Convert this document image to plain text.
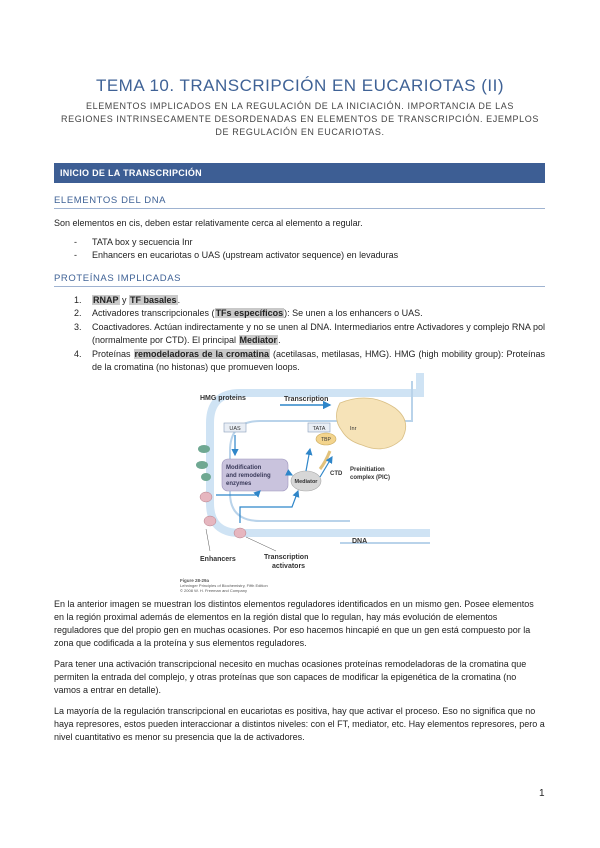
TEMA 10. TRANSCRIPCIÓN EN EUCARIOTAS (II)
ELEMENTOS IMPLICADOS EN LA REGULACIÓN DE LA INICIACIÓN. IMPORTANCIA DE LAS REGIONES INTRINSECAMENTE DESORDENADAS EN ELEMENTOS DE TRANSCRIPCIÓN. EJEMPLOS DE REGULACIÓN EN EUCARIOTAS.
INICIO DE LA TRANSCRIPCIÓN
ELEMENTOS DEL DNA
Son elementos en cis, deben estar relativamente cerca al elemento a regular.
- TATA box y secuencia Inr
- Enhancers en eucariotas o UAS (upstream activator sequence) en levaduras
PROTEÍNAS IMPLICADAS
1.	RNAP y TF basales.
2.	Activadores transcripcionales (TFs específicos): Se unen a los enhancers o UAS.
3.	Coactivadores. Actúan indirectamente y no se unen al DNA. Intermediarios entre Activadores y complejo RNA pol (normalmente por CTD). El principal Mediator.
4.	Proteínas remodeladoras de la cromatina (acetilasas, metilasas, HMG). HMG (high mobility group): Proteínas de la cromatina (no histonas) que promueven loops.
UAS	TATA	Inr
TBP
Modification
and remodeling
enzymes	Mediator
HMG proteins	Transcription
Preinitiation
complex (PIC)
CTD
DNA
Enhancers	Transcription
activators
Figure 28-29a
Lehninger Principles of Biochemistry, Fifth Edition
© 2008 W. H. Freeman and Company
En la anterior imagen se muestran los distintos elementos reguladores identificados en un mismo gen. Posee elementos en la región proximal además de elementos en la región distal que lo regulan, hay más evolución de elementos reguladores que del propio gen en muchas ocasiones. Por eso hacemos hincapié en que un gen está compuesto por la zona que codificada a la proteína y sus elementos reguladores.
Para tener una activación transcripcional necesito en muchas ocasiones proteínas remodeladoras de la cromatina que permiten la entrada del complejo, y otras proteínas que son capaces de modificar la epigenética de la cromatina (no vamos a entrar en detalle).
La mayoría de la regulación transcripcional en eucariotas es positiva, hay que activar el proceso. Eso no significa que no haya represores, estos pueden interaccionar a distintos niveles: con el FT, mediator, etc. Hay elementos represores, pero a nivel cuantitativo es menor su presencia que la de activadores.
1
